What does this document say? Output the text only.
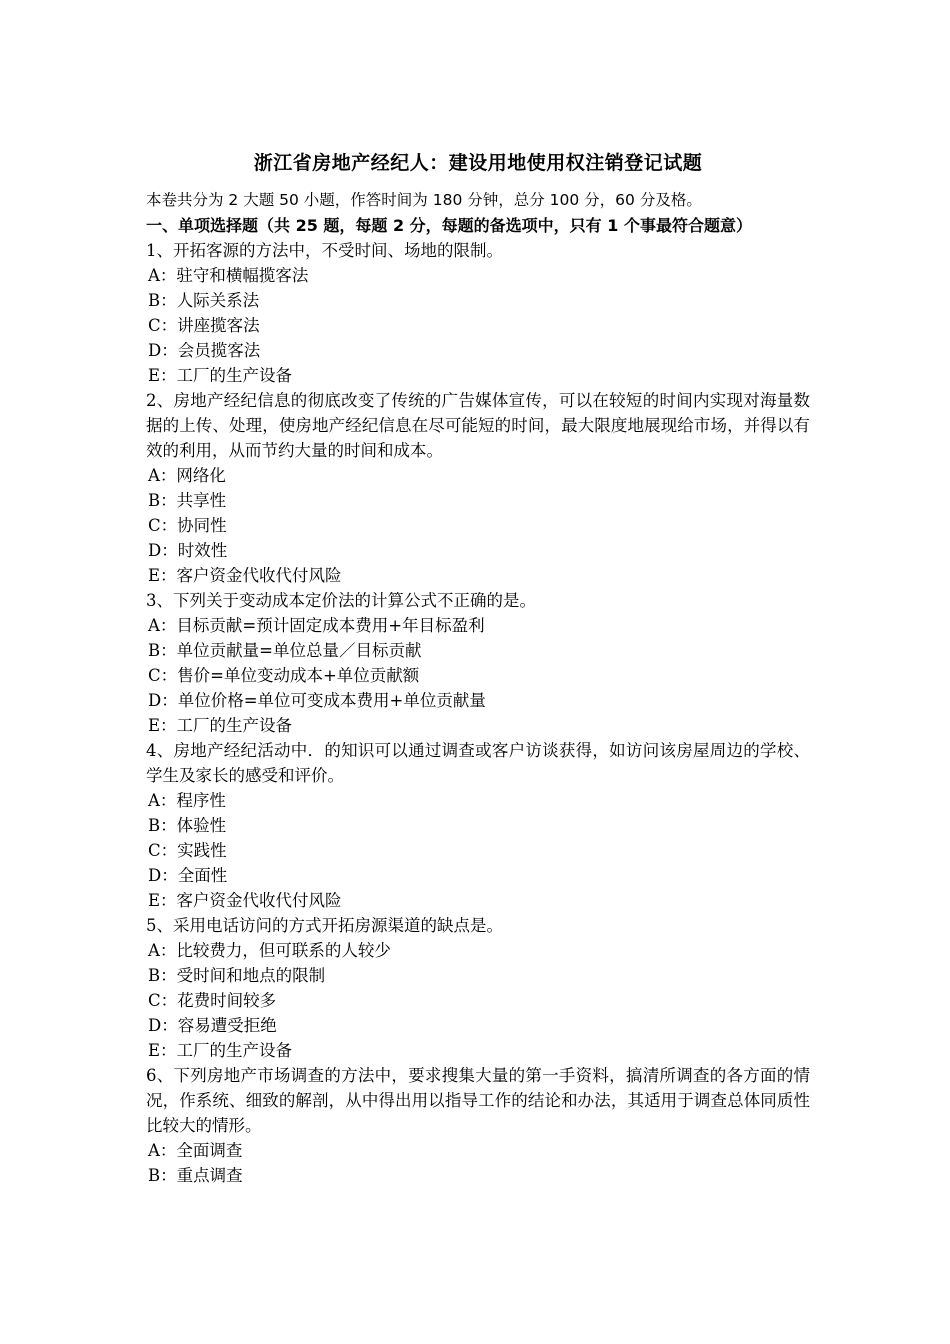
浙江省房地产经纪人：建设用地使用权注销登记试题

本卷共分为 2 大题 50 小题，作答时间为 180 分钟，总分 100 分，60 分及格。

一、单项选择题（共 25 题，每题 2 分，每题的备选项中，只有 1 个事最符合题意）

1、开拓客源的方法中，不受时间、场地的限制。

A：驻守和横幅揽客法

B：人际关系法

C：讲座揽客法

D：会员揽客法

E：工厂的生产设备

2、房地产经纪信息的彻底改变了传统的广告媒体宣传，可以在较短的时间内实现对海量数据的上传、处理，使房地产经纪信息在尽可能短的时间，最大限度地展现给市场，并得以有效的利用，从而节约大量的时间和成本。

A：网络化

B：共享性

C：协同性

D：时效性

E：客户资金代收代付风险

3、下列关于变动成本定价法的计算公式不正确的是。

A：目标贡献=预计固定成本费用+年目标盈利

B：单位贡献量=单位总量／目标贡献

C：售价=单位变动成本+单位贡献额

D：单位价格=单位可变成本费用+单位贡献量

E：工厂的生产设备

4、房地产经纪活动中．的知识可以通过调查或客户访谈获得，如访问该房屋周边的学校、学生及家长的感受和评价。

A：程序性

B：体验性

C：实践性

D：全面性

E：客户资金代收代付风险

5、采用电话访问的方式开拓房源渠道的缺点是。

A：比较费力，但可联系的人较少

B：受时间和地点的限制

C：花费时间较多

D：容易遭受拒绝

E：工厂的生产设备

6、下列房地产市场调查的方法中，要求搜集大量的第一手资料，搞清所调查的各方面的情况，作系统、细致的解剖，从中得出用以指导工作的结论和办法，其适用于调查总体同质性比较大的情形。

A：全面调查

B：重点调查
